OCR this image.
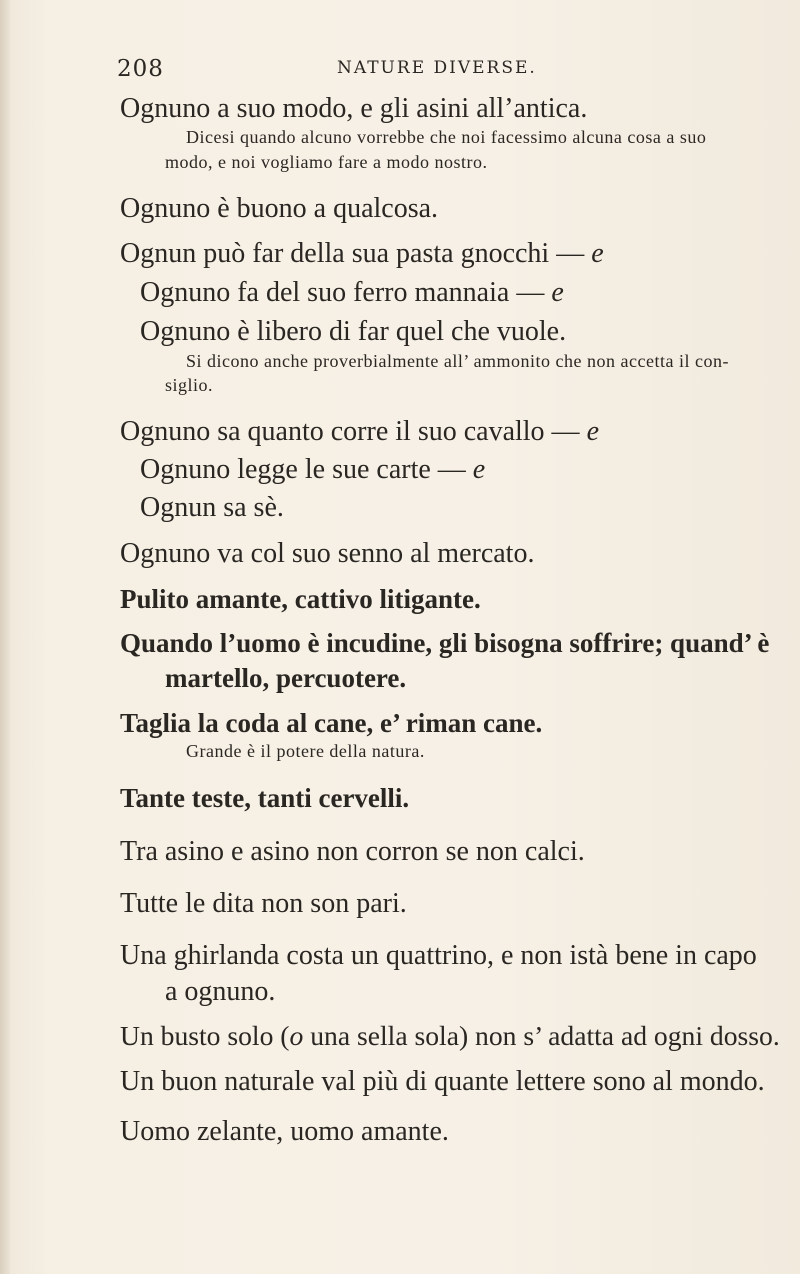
208	NATURE DIVERSE.
Ognuno a suo modo, e gli asini all’antica.
Dicesi quando alcuno vorrebbe che noi facessimo alcuna cosa a suo
modo, e noi vogliamo fare a modo nostro.
Ognuno è buono a qualcosa.
Ognun può far della sua pasta gnocchi — e
Ognuno fa del suo ferro mannaia — e
Ognuno è libero di far quel che vuole.
Si dicono anche proverbialmente all’ ammonito che non accetta il con-
siglio.
Ognuno sa quanto corre il suo cavallo — e
Ognuno legge le sue carte — e
Ognun sa sè.
Ognuno va col suo senno al mercato.
Pulito amante, cattivo litigante.
Quando l’uomo è incudine, gli bisogna soffrire; quand’ è
martello, percuotere.
Taglia la coda al cane, e’ riman cane.
Grande è il potere della natura.
Tante teste, tanti cervelli.
Tra asino e asino non corron se non calci.
Tutte le dita non son pari.
Una ghirlanda costa un quattrino, e non istà bene in capo
a ognuno.
Un busto solo (o una sella sola) non s’ adatta ad ogni dosso.
Un buon naturale val più di quante lettere sono al mondo.
Uomo zelante, uomo amante.
